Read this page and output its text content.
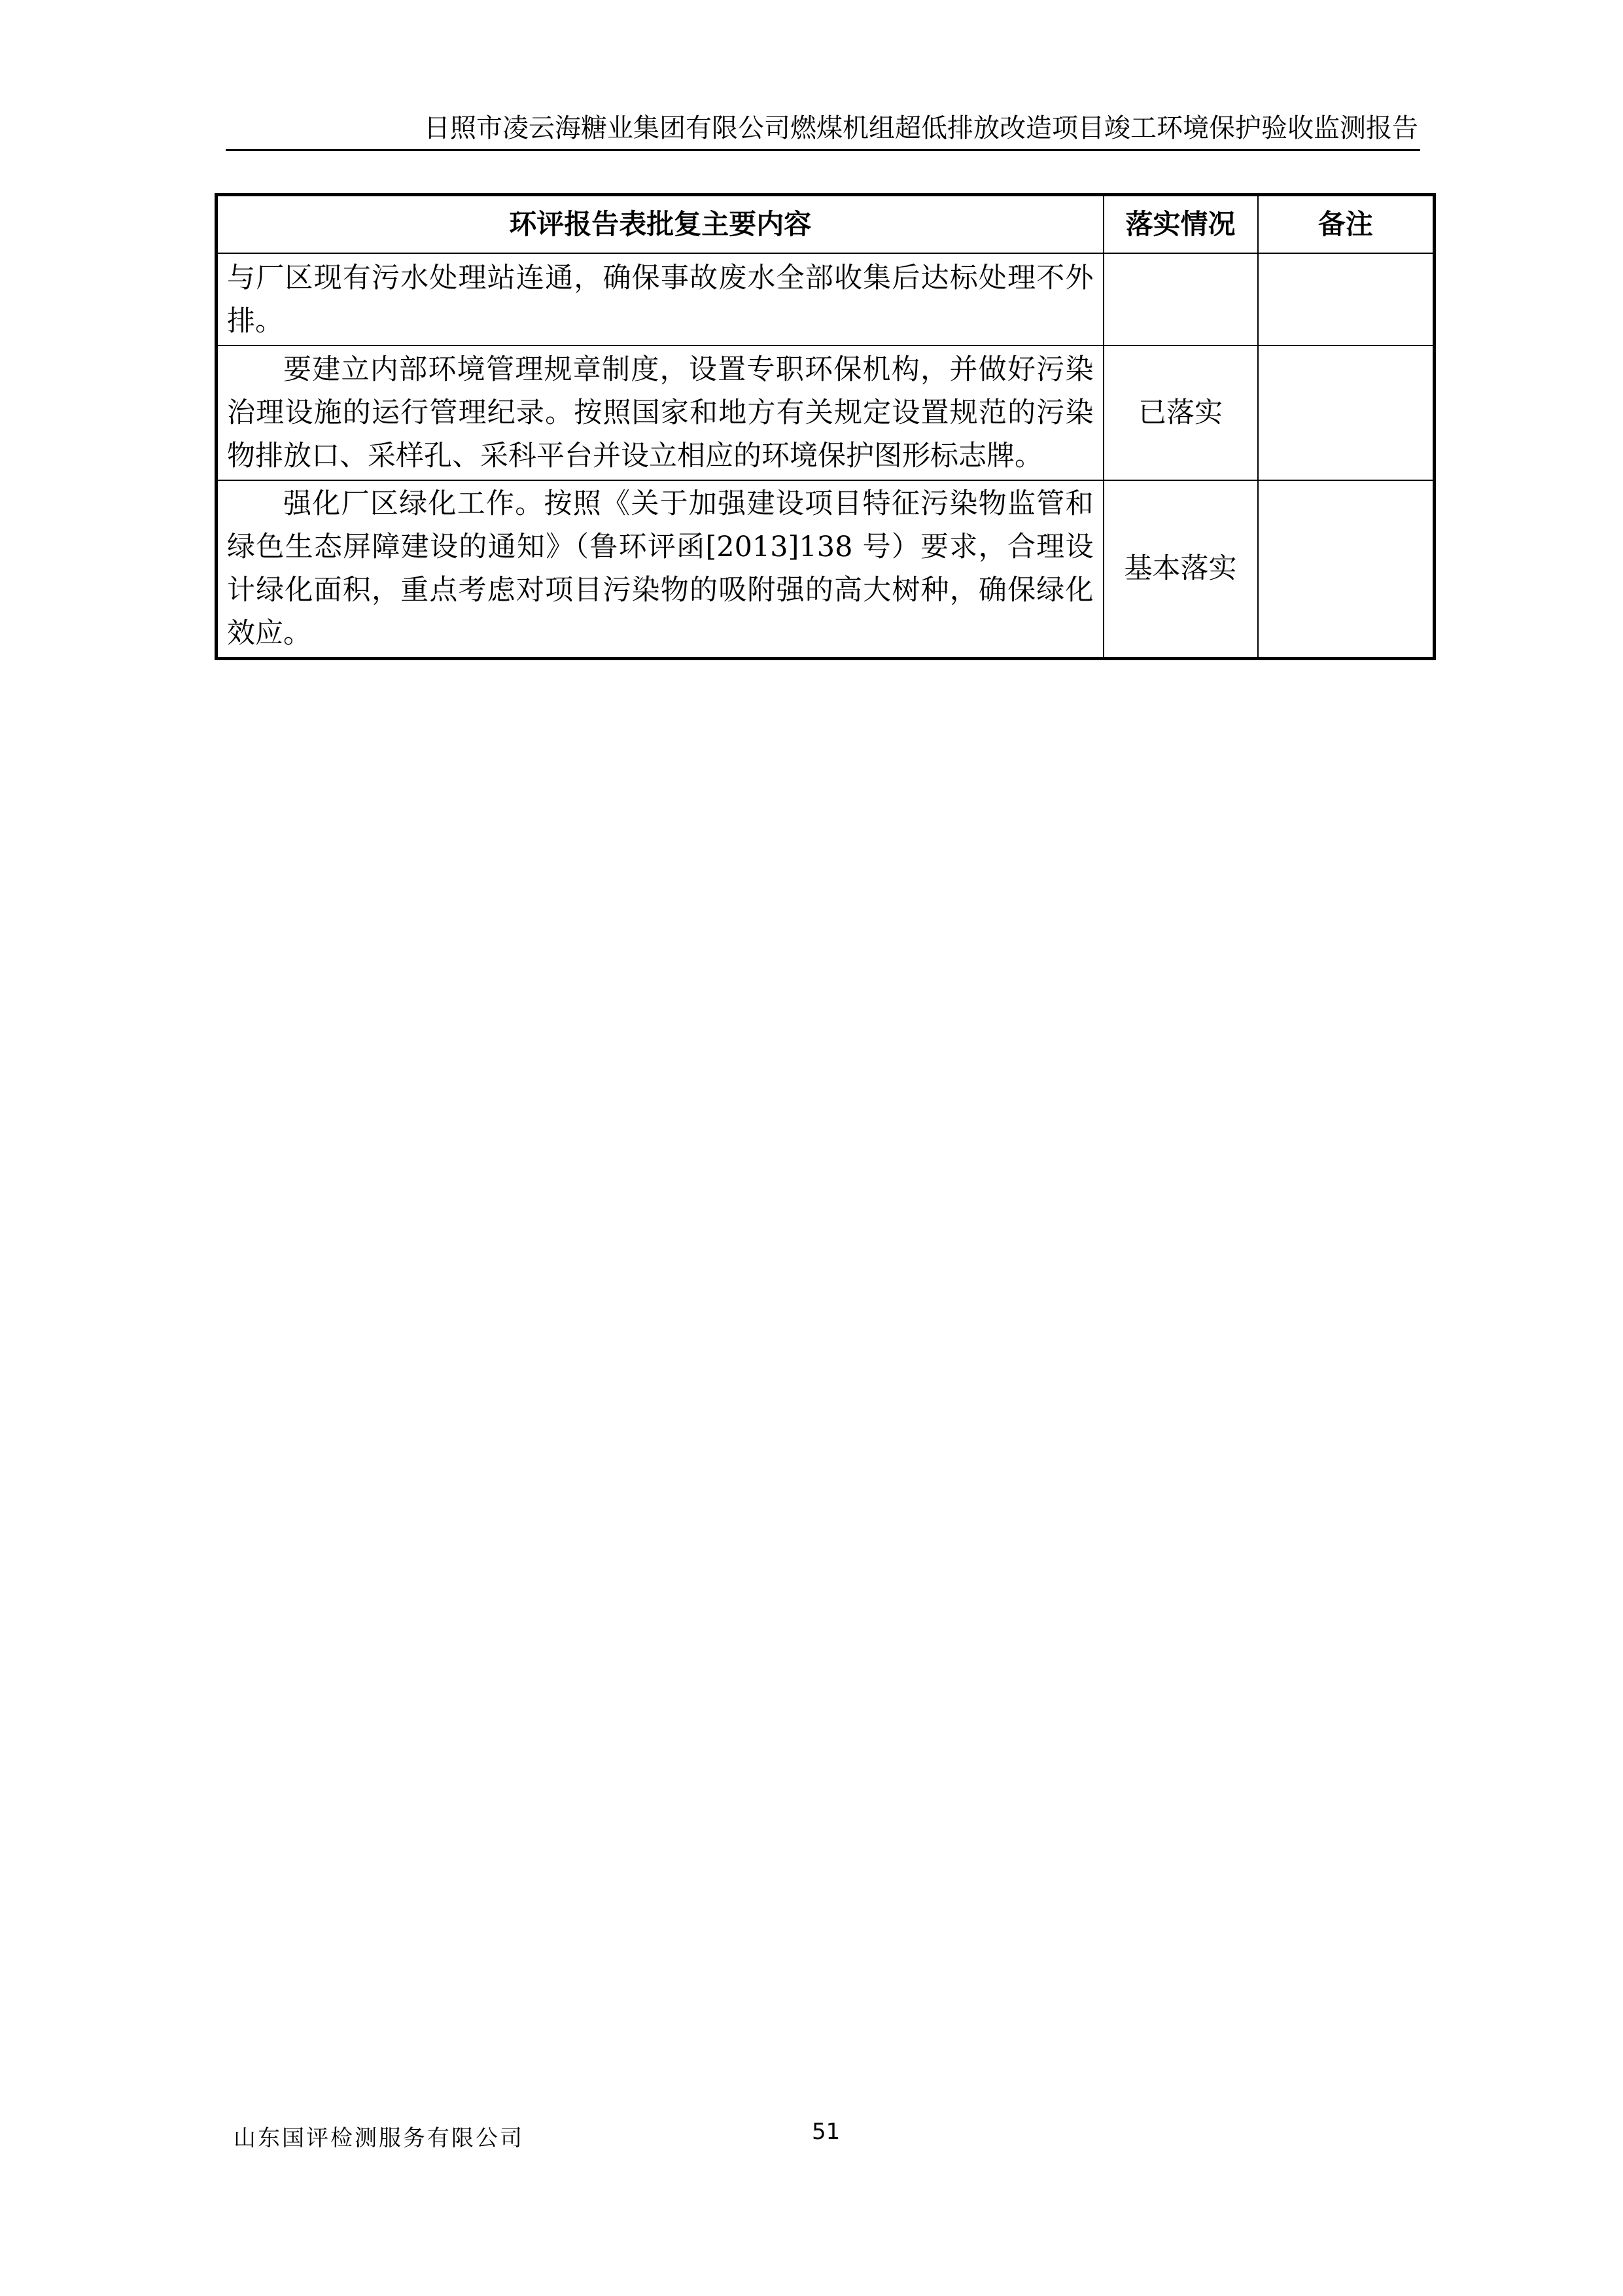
日照市凌云海糖业集团有限公司燃煤机组超低排放改造项目竣工环境保护验收监测报告
环评报告表批复主要内容	落实情况	备注
与厂区现有污水处理站连通，确保事故废水全部收集后达标处理不外排。		

要建立内部环境管理规章制度，设置专职环保机构，并做好污染治理设施的运行管理纪录。按照国家和地方有关规定设置规范的污染物排放口、采样孔、采科平台并设立相应的环境保护图形标志牌。	已落实	

强化厂区绿化工作。按照《关于加强建设项目特征污染物监管和绿色生态屏障建设的通知》（鲁环评函[2013]138 号）要求，合理设计绿化面积，重点考虑对项目污染物的吸附强的高大树种，确保绿化效应。	基本落实	
山东国评检测服务有限公司	51
